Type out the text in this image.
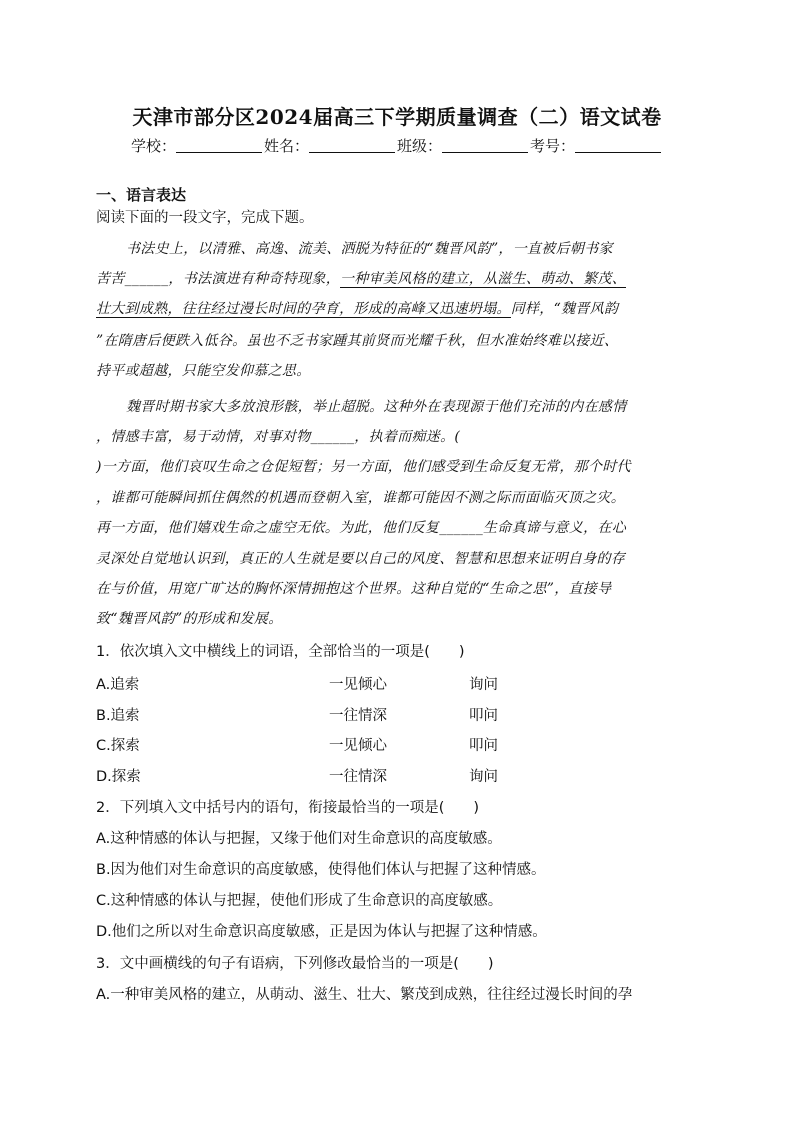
天津市部分区2024届高三下学期质量调查（二）语文试卷
学校：	姓名：	班级：	考号：
一、语言表达
阅读下面的一段文字，完成下题。
书法史上，以清雅、高逸、流美、洒脱为特征的“魏晋风韵”，一直被后朝书家
苦苦______，书法演进有种奇特现象，一种审美风格的建立，从滋生、萌动、繁茂、
壮大到成熟，往往经过漫长时间的孕育，形成的高峰又迅速坍塌。同样，“魏晋风韵
”在隋唐后便跌入低谷。虽也不乏书家踵其前贤而光耀千秋，但水准始终难以接近、
持平或超越，只能空发仰慕之思。
魏晋时期书家大多放浪形骸，举止超脱。这种外在表现源于他们充沛的内在感情
，情感丰富，易于动情，对事对物______，执着而痴迷。(
)一方面，他们哀叹生命之仓促短暂；另一方面，他们感受到生命反复无常，那个时代
，谁都可能瞬间抓住偶然的机遇而登朝入室，谁都可能因不测之际而面临灭顶之灾。
再一方面，他们嬉戏生命之虚空无依。为此，他们反复______生命真谛与意义，在心
灵深处自觉地认识到，真正的人生就是要以自己的风度、智慧和思想来证明自身的存
在与价值，用宽广旷达的胸怀深情拥抱这个世界。这种自觉的“生命之思”，直接导
致“魏晋风韵”的形成和发展。
1．依次填入文中横线上的词语，全部恰当的一项是(　　)
A.追索	一见倾心	询问
B.追索	一往情深	叩问
C.探索	一见倾心	叩问
D.探索	一往情深	询问
2．下列填入文中括号内的语句，衔接最恰当的一项是(　　)
A.这种情感的体认与把握，又缘于他们对生命意识的高度敏感。
B.因为他们对生命意识的高度敏感，使得他们体认与把握了这种情感。
C.这种情感的体认与把握，使他们形成了生命意识的高度敏感。
D.他们之所以对生命意识高度敏感，正是因为体认与把握了这种情感。
3．文中画横线的句子有语病，下列修改最恰当的一项是(　　)
A.一种审美风格的建立，从萌动、滋生、壮大、繁茂到成熟，往往经过漫长时间的孕
